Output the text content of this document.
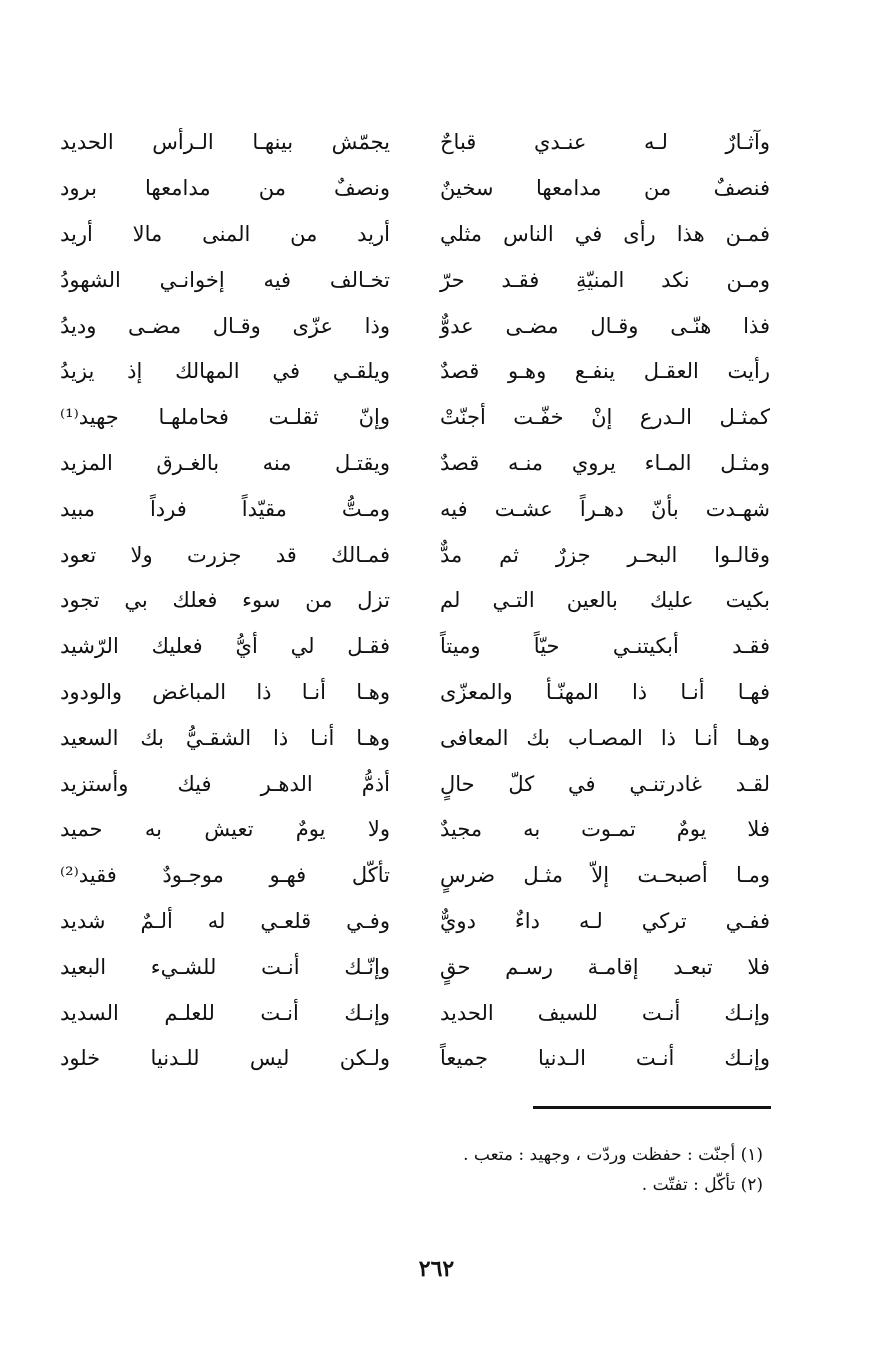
وآثـارٌ لـه عنـدي قباحٌ
يجمّش بينهـا الـرأس الحديد
فنصفٌ من مدامعها سخينٌ
ونصفٌ من مدامعها برود
فمـن هذا رأى في الناس مثلي
أريد من المنى مالا أريد
ومـن نكد المنيّةِ فقـد حرّ
تخـالف فيه إخوانـي الشهودُ
فذا هنّـى وقـال مضـى عدوٌّ
وذا عزّى وقـال مضـى وديدُ
رأيت العقـل ينفـع وهـو قصدٌ
ويلقـي في المهالك إذ يزيدُ
كمثـل الـدرع إنْ خفّـت أجنّتْ
وإنّ ثقلـت فحاملهـا جهيد⁽¹⁾
ومثـل المـاء يروي منـه قصدٌ
ويقتـل منه بالغـرق المزيد
شهـدت بأنّ دهـراً عشـت فيه
ومـتُّ مقيّداً فرداً مبيد
وقالـوا البحـر جزرٌ ثم مدٌّ
فمـالك قد جزرت ولا تعود
بكيت عليك بالعين التـي لم
تزل من سوء فعلك بي تجود
فقـد أبكيتنـي حيّاً وميتاً
فقـل لي أيُّ فعليك الرّشيد
فهـا أنـا ذا المهنّـأ والمعزّى
وهـا أنـا ذا المباغض والودود
وهـا أنـا ذا المصـاب بك المعافى
وهـا أنـا ذا الشقـيُّ بك السعيد
لقـد غادرتنـي في كلّ حالٍ
أذمُّ الدهـر فيك وأستزيد
فلا يومٌ تمـوت به مجيدٌ
ولا يومٌ تعيش به حميد
ومـا أصبحـت إلاّ مثـل ضرسٍ
تأكّل فهـو موجـودٌ فقيد⁽²⁾
ففـي تركي لـه داءٌ دويٌّ
وفـي قلعـي له ألـمٌ شديد
فلا تبعـد إقامـة رسـم حقٍ
وإنّـك أنـت للشـيء البعيد
وإنـك أنـت للسيف الحديد
وإنـك أنـت للعلـم السديد
وإنـك أنـت الـدنيا جميعاً
ولـكن ليس للـدنيا خلود
(١) أجنّت : حفظت وردّت ، وجهيد : متعب .
(٢) تأكّل : تفتّت .
٢٦٢
